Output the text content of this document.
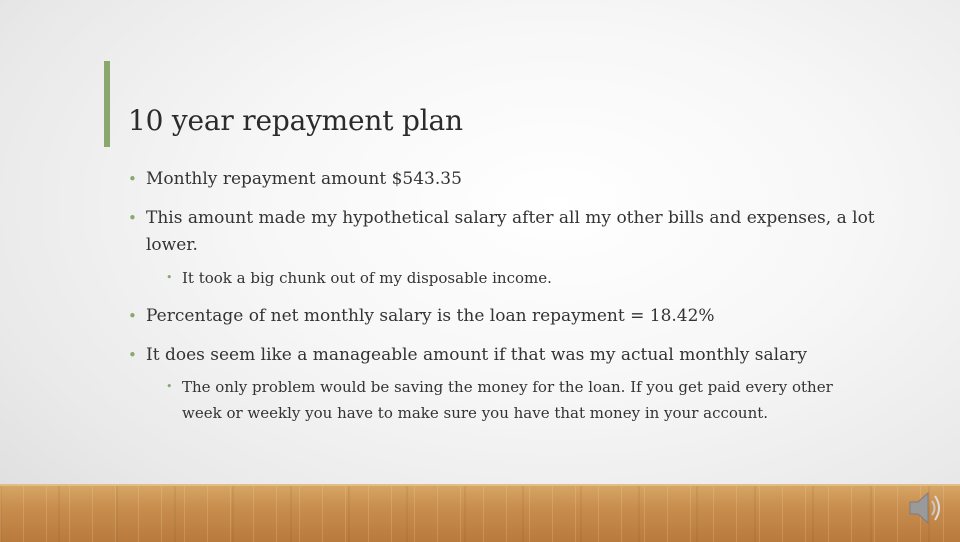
10 year repayment plan
• Monthly repayment amount $543.35
• This amount made my hypothetical salary after all my other bills and expenses, a lot lower.
• It took a big chunk out of my disposable income.
• Percentage of net monthly salary is the loan repayment = 18.42%
• It does seem like a manageable amount if that was my actual monthly salary
• The only problem would be saving the money for the loan. If you get paid every other week or weekly you have to make sure you have that money in your account.
